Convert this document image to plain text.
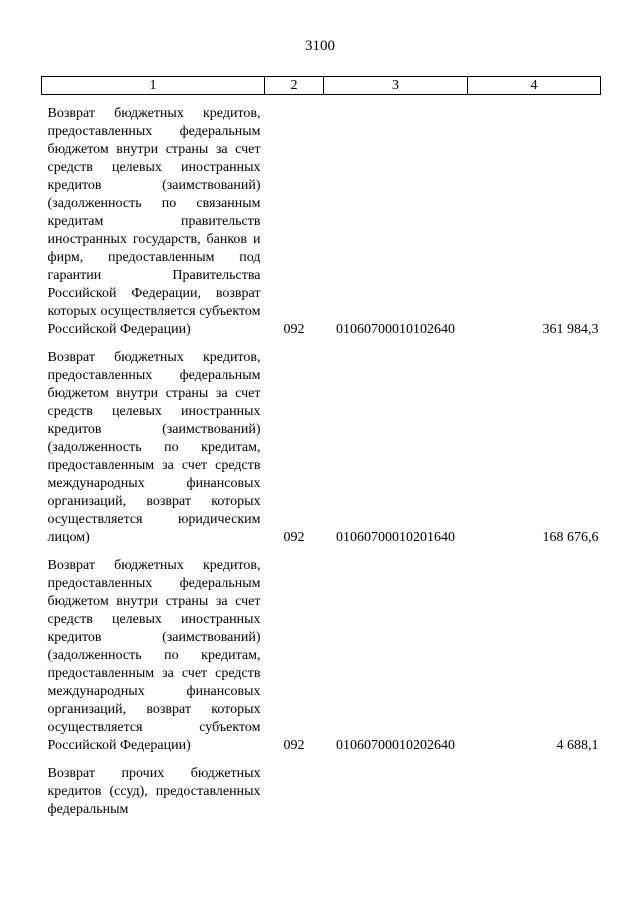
3100
1	2	3	4
Возврат бюджетных кредитов, предоставленных федеральным бюджетом внутри страны за счет средств целевых иностранных кредитов (заимствований) (задолженность по связанным кредитам правительств иностранных государств, банков и фирм, предоставленным под гарантии Правительства Российской Федерации, возврат которых осуществляется субъектом Российской Федерации)	092	01060700010102640	361 984,3
Возврат бюджетных кредитов, предоставленных федеральным бюджетом внутри страны за счет средств целевых иностранных кредитов (заимствований) (задолженность по кредитам, предоставленным за счет средств международных финансовых организаций, возврат которых осуществляется юридическим лицом)	092	01060700010201640	168 676,6
Возврат бюджетных кредитов, предоставленных федеральным бюджетом внутри страны за счет средств целевых иностранных кредитов (заимствований) (задолженность по кредитам, предоставленным за счет средств международных финансовых организаций, возврат которых осуществляется субъектом Российской Федерации)	092	01060700010202640	4 688,1
Возврат прочих бюджетных кредитов (ссуд), предоставленных федеральным			
